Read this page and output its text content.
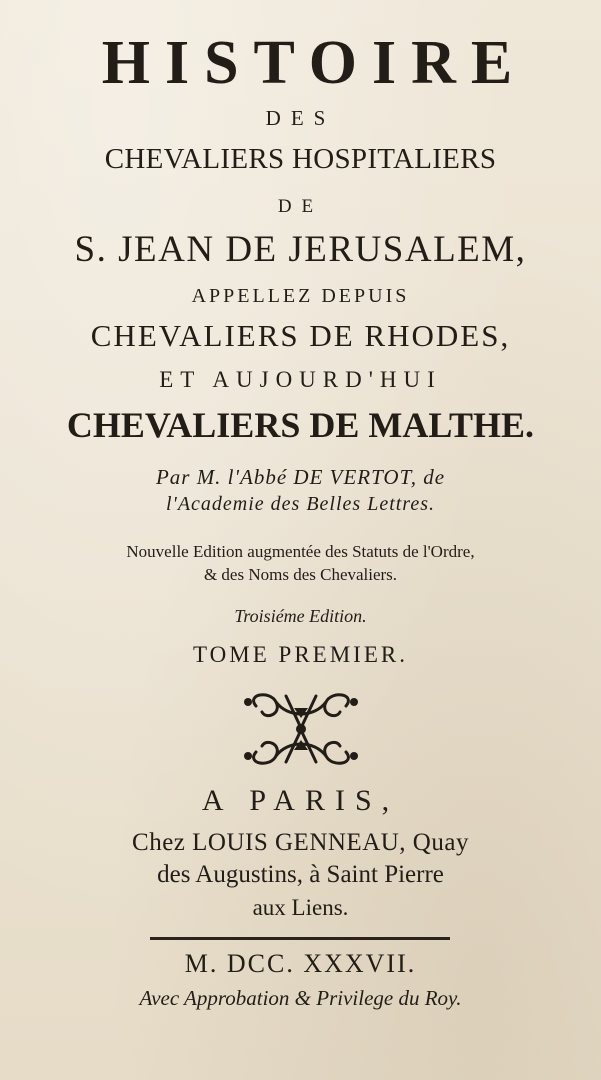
HISTOIRE

DES

CHEVALIERS HOSPITALIERS

DE

S. JEAN DE JERUSALEM,

APPELLEZ DEPUIS

CHEVALIERS DE RHODES,

ET AUJOURD'HUI

CHEVALIERS DE MALTHE.

Par M. l'Abbé DE VERTOT, de

l'Academie des Belles Lettres.

Nouvelle Edition augmentée des Statuts de l'Ordre,

& des Noms des Chevaliers.

Troisiéme Edition.

TOME PREMIER.

A PARIS,

Chez LOUIS GENNEAU, Quay

des Augustins, à Saint Pierre

aux Liens.

M. DCC. XXXVII.

Avec Approbation & Privilege du Roy.
